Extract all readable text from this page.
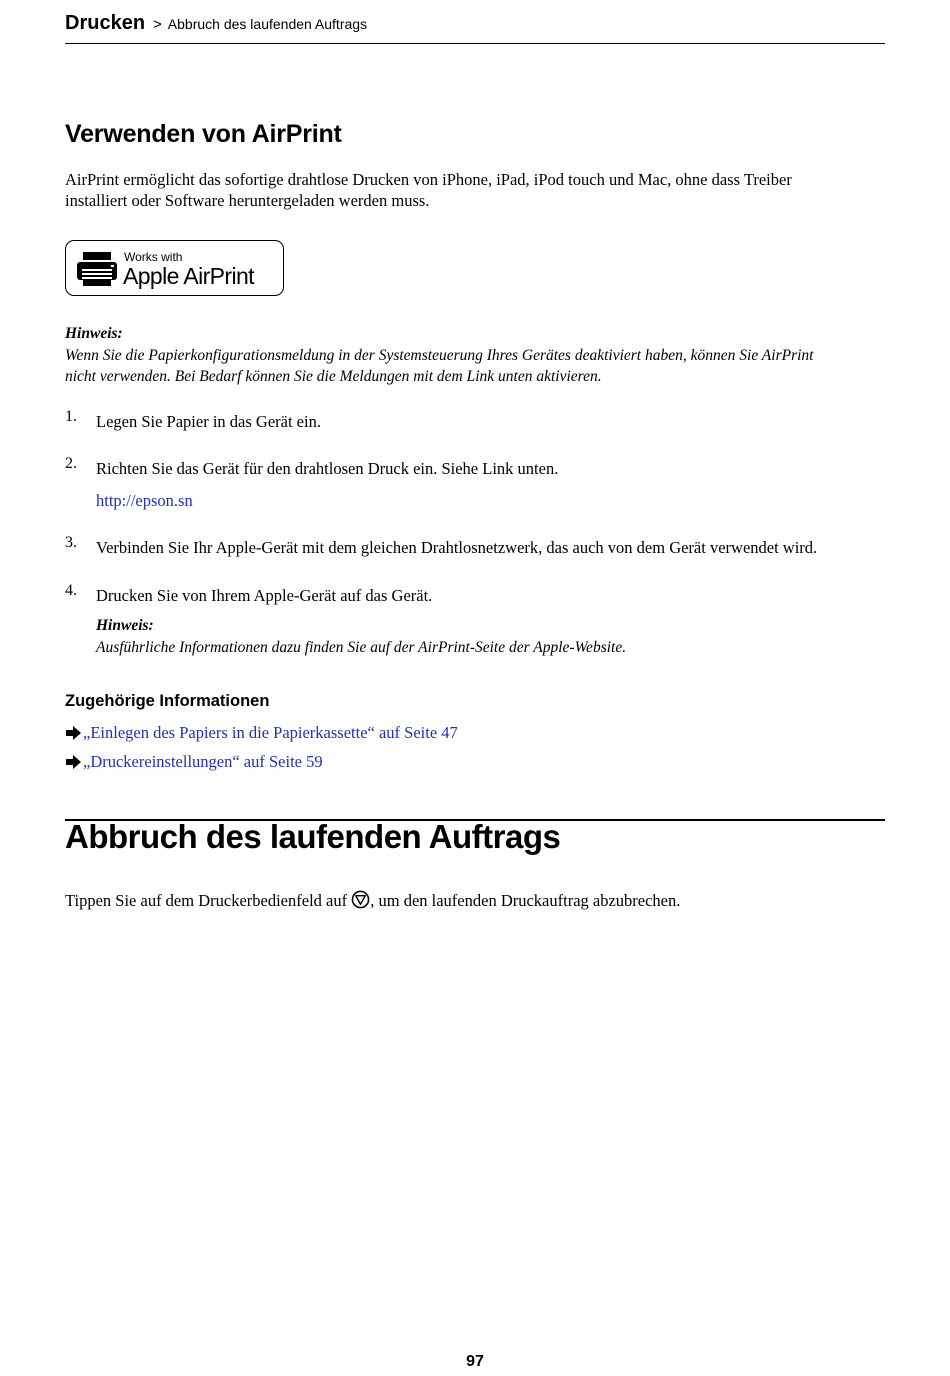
Drucken > Abbruch des laufenden Auftrags
Verwenden von AirPrint

AirPrint ermöglicht das sofortige drahtlose Drucken von iPhone, iPad, iPod touch und Mac, ohne dass Treiber

installiert oder Software heruntergeladen werden muss.

Works with
Apple AirPrint
Hinweis:
Wenn Sie die Papierkonfigurationsmeldung in der Systemsteuerung Ihres Gerätes deaktiviert haben, können Sie AirPrint
nicht verwenden. Bei Bedarf können Sie die Meldungen mit dem Link unten aktivieren.
1. Legen Sie Papier in das Gerät ein.
2. Richten Sie das Gerät für den drahtlosen Druck ein. Siehe Link unten.
http://epson.sn
3. Verbinden Sie Ihr Apple-Gerät mit dem gleichen Drahtlosnetzwerk, das auch von dem Gerät verwendet wird.
4. Drucken Sie von Ihrem Apple-Gerät auf das Gerät.
Hinweis:
Ausführliche Informationen dazu finden Sie auf der AirPrint-Seite der Apple-Website.
Zugehörige Informationen
„Einlegen des Papiers in die Papierkassette“ auf Seite 47
„Druckereinstellungen“ auf Seite 59
Abbruch des laufenden Auftrags
Tippen Sie auf dem Druckerbedienfeld auf , um den laufenden Druckauftrag abzubrechen.
97
